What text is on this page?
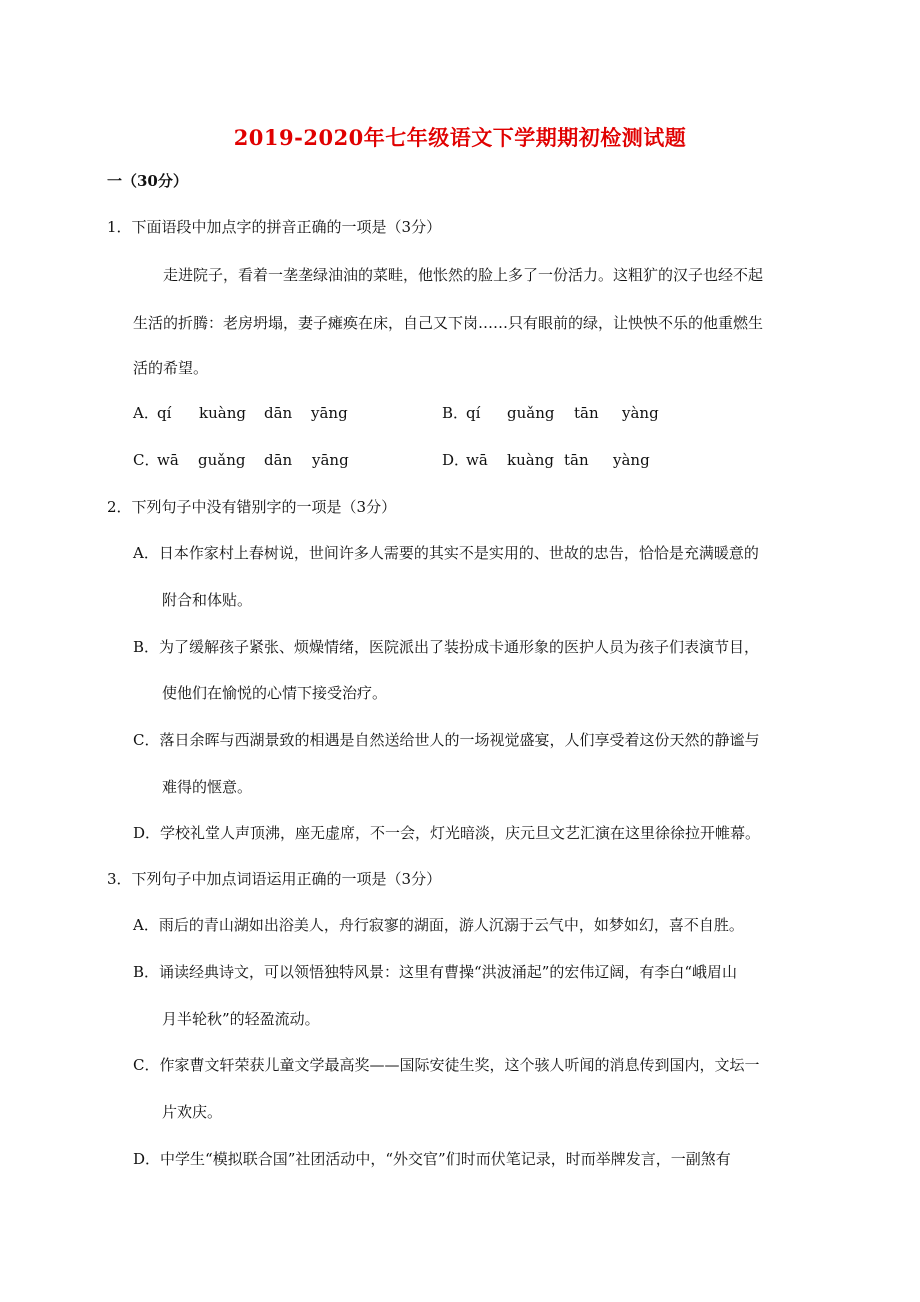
2019-2020年七年级语文下学期期初检测试题
一（30分）
1．下面语段中加点字的拼音正确的一项是（3分）
走进院子，看着一垄垄绿油油的菜畦，他怅然的脸上多了一份活力。这粗犷的汉子也经不起
生活的折腾：老房坍塌，妻子瘫痪在床，自己又下岗……只有眼前的绿，让怏怏不乐的他重燃生
活的希望。
A．qí kuàng dān yāng	B．qí guǎng tān yàng
C．wā guǎng dān yāng	D．wā kuàng tān yàng
2．下列句子中没有错别字的一项是（3分）
A．日本作家村上春树说，世间许多人需要的其实不是实用的、世故的忠告，恰恰是充满暖意的
附合和体贴。
B．为了缓解孩子紧张、烦燥情绪，医院派出了装扮成卡通形象的医护人员为孩子们表演节目，
使他们在愉悦的心情下接受治疗。
C．落日余晖与西湖景致的相遇是自然送给世人的一场视觉盛宴，人们享受着这份天然的静谧与
难得的惬意。
D．学校礼堂人声顶沸，座无虚席，不一会，灯光暗淡，庆元旦文艺汇演在这里徐徐拉开帷幕。
3．下列句子中加点词语运用正确的一项是（3分）
A．雨后的青山湖如出浴美人，舟行寂寥的湖面，游人沉溺于云气中，如梦如幻，喜不自胜。
B．诵读经典诗文，可以领悟独特风景：这里有曹操“洪波涌起”的宏伟辽阔，有李白“峨眉山
月半轮秋”的轻盈流动。
C．作家曹文轩荣获儿童文学最高奖——国际安徒生奖，这个骇人听闻的消息传到国内，文坛一
片欢庆。
D．中学生“模拟联合国”社团活动中，“外交官”们时而伏笔记录，时而举牌发言，一副煞有
